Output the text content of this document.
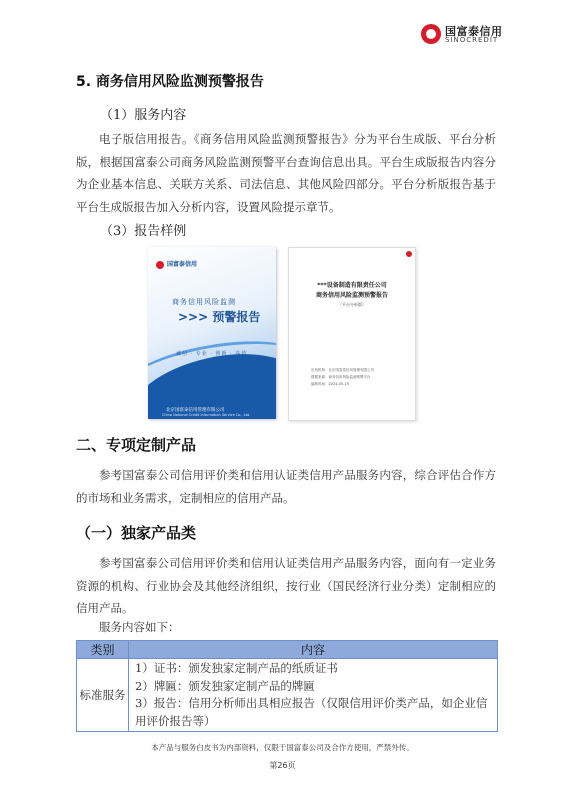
国富泰信用
SINOCREDIT
5. 商务信用风险监测预警报告
（1）服务内容
电子版信用报告。《商务信用风险监测预警报告》分为平台生成版、平台分析版，根据国富泰公司商务风险监测预警平台查询信息出具。平台生成版报告内容分为企业基本信息、关联方关系、司法信息、其他风险四部分。平台分析版报告基于平台生成版报告加入分析内容，设置风险提示章节。
（3）报告样例
国富泰信用
商务信用风险监测
>>> 预警报告
诚信 · 专业 · 创新 · 高效
北京国富泰信用管理有限公司
China National Credit Information Service Co., Ltd.
***设备制造有限责任公司
商务信用风险监测预警报告
（平台分析版）
出具机构：北京国富泰信用管理有限公司
数据来源：商务信用风险监测预警平台
编制时间：2024-05-15
二、专项定制产品
参考国富泰公司信用评价类和信用认证类信用产品服务内容，综合评估合作方的市场和业务需求，定制相应的信用产品。
（一）独家产品类
参考国富泰公司信用评价类和信用认证类信用产品服务内容，面向有一定业务资源的机构、行业协会及其他经济组织，按行业（国民经济行业分类）定制相应的信用产品。
服务内容如下：
类别	内容
标准服务	1）证书：颁发独家定制产品的纸质证书
2）牌匾：颁发独家定制产品的牌匾
3）报告：信用分析师出具相应报告（仅限信用评价类产品，如企业信用评价报告等）
本产品与服务白皮书为内部资料，仅限于国富泰公司及合作方使用，严禁外传。
第26页
